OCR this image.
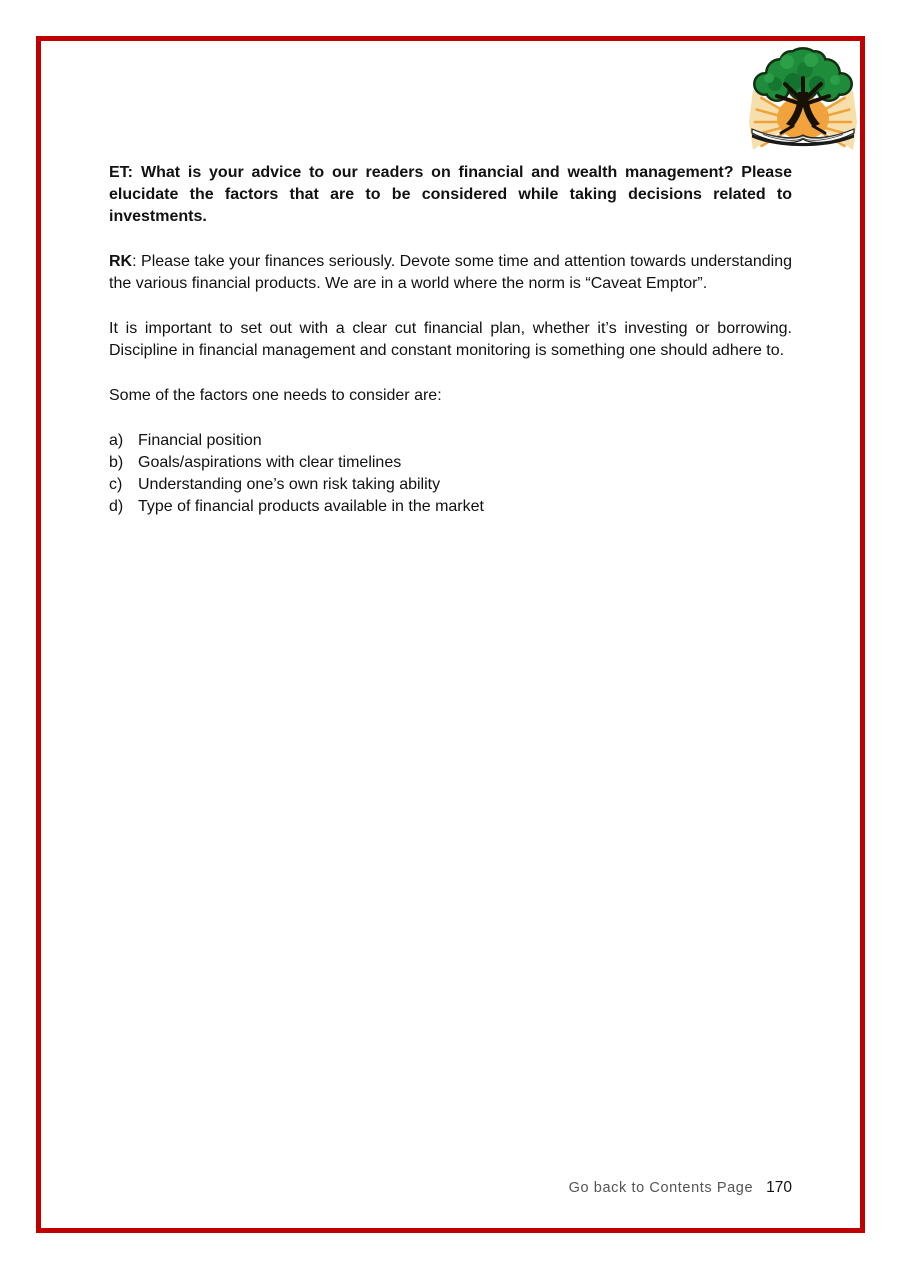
ET: What is your advice to our readers on financial and wealth management? Please elucidate the factors that are to be considered while taking decisions related to investments.

RK: Please take your finances seriously. Devote some time and attention towards understanding the various financial products. We are in a world where the norm is “Caveat Emptor”.

It is important to set out with a clear cut financial plan, whether it’s investing or borrowing. Discipline in financial management and constant monitoring is something one should adhere to.

Some of the factors one needs to consider are:

a) Financial position
b) Goals/aspirations with clear timelines
c) Understanding one’s own risk taking ability
d) Type of financial products available in the market
Go back to Contents Page 170
